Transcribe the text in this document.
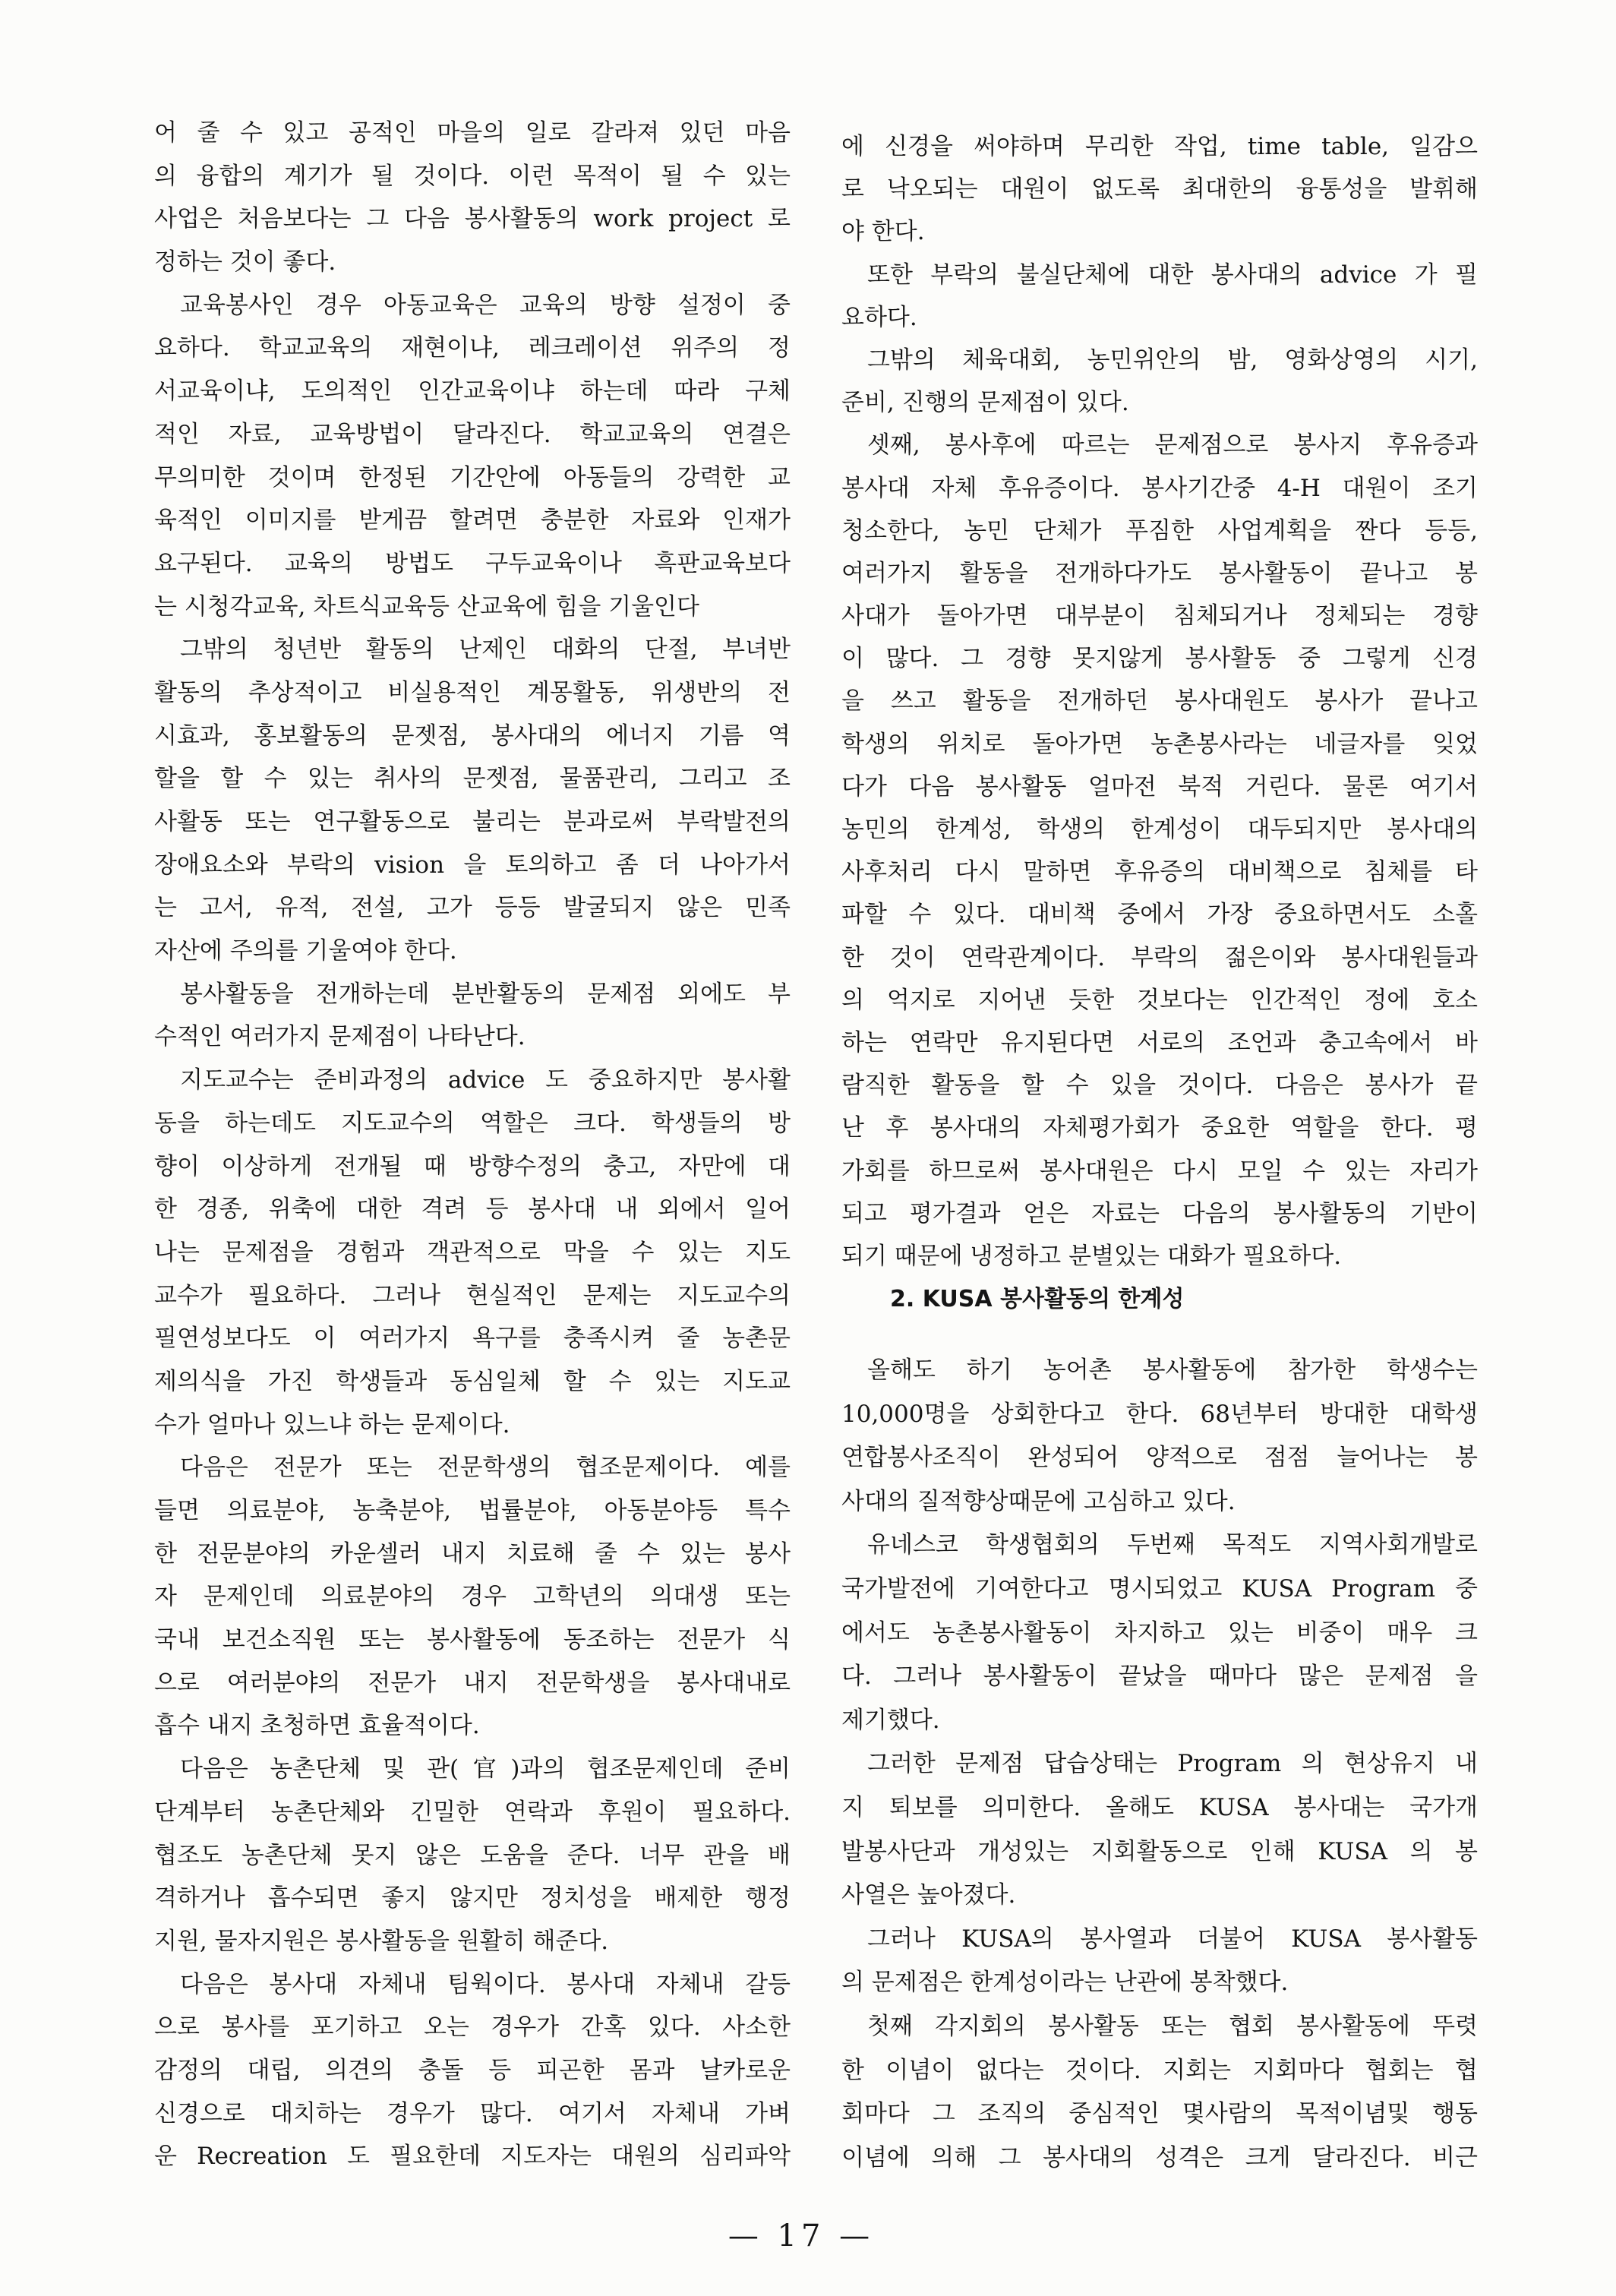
어 줄 수 있고 공적인 마을의 일로 갈라져 있던 마음
의 융합의 계기가 될 것이다. 이런 목적이 될 수 있는
사업은 처음보다는 그 다음 봉사활동의 work project 로
정하는 것이 좋다.
교육봉사인 경우 아동교육은 교육의 방향 설정이 중
요하다. 학교교육의 재현이냐, 레크레이션 위주의 정
서교육이냐, 도의적인 인간교육이냐 하는데 따라 구체
적인 자료, 교육방법이 달라진다. 학교교육의 연결은
무의미한 것이며 한정된 기간안에 아동들의 강력한 교
육적인 이미지를 받게끔 할려면 충분한 자료와 인재가
요구된다. 교육의 방법도 구두교육이나 흑판교육보다
는 시청각교육, 차트식교육등 산교육에 힘을 기울인다
그밖의 청년반 활동의 난제인 대화의 단절, 부녀반
활동의 추상적이고 비실용적인 계몽활동, 위생반의 전
시효과, 홍보활동의 문젯점, 봉사대의 에너지 기름 역
할을 할 수 있는 취사의 문젯점, 물품관리, 그리고 조
사활동 또는 연구활동으로 불리는 분과로써 부락발전의
장애요소와 부락의 vision 을 토의하고 좀 더 나아가서
는 고서, 유적, 전설, 고가 등등 발굴되지 않은 민족
자산에 주의를 기울여야 한다.
봉사활동을 전개하는데 분반활동의 문제점 외에도 부
수적인 여러가지 문제점이 나타난다.
지도교수는 준비과정의 advice 도 중요하지만 봉사활
동을 하는데도 지도교수의 역할은 크다. 학생들의 방
향이 이상하게 전개될 때 방향수정의 충고, 자만에 대
한 경종, 위축에 대한 격려 등 봉사대 내 외에서 일어
나는 문제점을 경험과 객관적으로 막을 수 있는 지도
교수가 필요하다. 그러나 현실적인 문제는 지도교수의
필연성보다도 이 여러가지 욕구를 충족시켜 줄 농촌문
제의식을 가진 학생들과 동심일체 할 수 있는 지도교
수가 얼마나 있느냐 하는 문제이다.
다음은 전문가 또는 전문학생의 협조문제이다. 예를
들면 의료분야, 농축분야, 법률분야, 아동분야등 특수
한 전문분야의 카운셀러 내지 치료해 줄 수 있는 봉사
자 문제인데 의료분야의 경우 고학년의 의대생 또는
국내 보건소직원 또는 봉사활동에 동조하는 전문가 식
으로 여러분야의 전문가 내지 전문학생을 봉사대내로
흡수 내지 초청하면 효율적이다.
다음은 농촌단체 및 관(官)과의 협조문제인데 준비
단계부터 농촌단체와 긴밀한 연락과 후원이 필요하다.
협조도 농촌단체 못지 않은 도움을 준다. 너무 관을 배
격하거나 흡수되면 좋지 않지만 정치성을 배제한 행정
지원, 물자지원은 봉사활동을 원활히 해준다.
다음은 봉사대 자체내 팀웍이다. 봉사대 자체내 갈등
으로 봉사를 포기하고 오는 경우가 간혹 있다. 사소한
감정의 대립, 의견의 충돌 등 피곤한 몸과 날카로운
신경으로 대치하는 경우가 많다. 여기서 자체내 가벼
운 Recreation 도 필요한데 지도자는 대원의 심리파악
에 신경을 써야하며 무리한 작업, time table, 일감으
로 낙오되는 대원이 없도록 최대한의 융통성을 발휘해
야 한다.
또한 부락의 불실단체에 대한 봉사대의 advice 가 필
요하다.
그밖의 체육대회, 농민위안의 밤, 영화상영의 시기,
준비, 진행의 문제점이 있다.
셋째, 봉사후에 따르는 문제점으로 봉사지 후유증과
봉사대 자체 후유증이다. 봉사기간중 4-H 대원이 조기
청소한다, 농민 단체가 푸짐한 사업계획을 짠다 등등,
여러가지 활동을 전개하다가도 봉사활동이 끝나고 봉
사대가 돌아가면 대부분이 침체되거나 정체되는 경향
이 많다. 그 경향 못지않게 봉사활동 중 그렇게 신경
을 쓰고 활동을 전개하던 봉사대원도 봉사가 끝나고
학생의 위치로 돌아가면 농촌봉사라는 네글자를 잊었
다가 다음 봉사활동 얼마전 북적 거린다. 물론 여기서
농민의 한계성, 학생의 한계성이 대두되지만 봉사대의
사후처리 다시 말하면 후유증의 대비책으로 침체를 타
파할 수 있다. 대비책 중에서 가장 중요하면서도 소홀
한 것이 연락관계이다. 부락의 젊은이와 봉사대원들과
의 억지로 지어낸 듯한 것보다는 인간적인 정에 호소
하는 연락만 유지된다면 서로의 조언과 충고속에서 바
람직한 활동을 할 수 있을 것이다. 다음은 봉사가 끝
난 후 봉사대의 자체평가회가 중요한 역할을 한다. 평
가회를 하므로써 봉사대원은 다시 모일 수 있는 자리가
되고 평가결과 얻은 자료는 다음의 봉사활동의 기반이
되기 때문에 냉정하고 분별있는 대화가 필요하다.
2. KUSA 봉사활동의 한계성
올해도 하기 농어촌 봉사활동에 참가한 학생수는
10,000명을 상회한다고 한다. 68년부터 방대한 대학생
연합봉사조직이 완성되어 양적으로 점점 늘어나는 봉
사대의 질적향상때문에 고심하고 있다.
유네스코 학생협회의 두번째 목적도 지역사회개발로
국가발전에 기여한다고 명시되었고 KUSA Program 중
에서도 농촌봉사활동이 차지하고 있는 비중이 매우 크
다. 그러나 봉사활동이 끝났을 때마다 많은 문제점 을
제기했다.
그러한 문제점 답습상태는 Program 의 현상유지 내
지 퇴보를 의미한다. 올해도 KUSA 봉사대는 국가개
발봉사단과 개성있는 지회활동으로 인해 KUSA 의 봉
사열은 높아졌다.
그러나 KUSA의 봉사열과 더불어 KUSA 봉사활동
의 문제점은 한계성이라는 난관에 봉착했다.
첫째 각지회의 봉사활동 또는 협회 봉사활동에 뚜렷
한 이념이 없다는 것이다. 지회는 지회마다 협회는 협
회마다 그 조직의 중심적인 몇사람의 목적이념및 행동
이념에 의해 그 봉사대의 성격은 크게 달라진다. 비근
— 17 —
